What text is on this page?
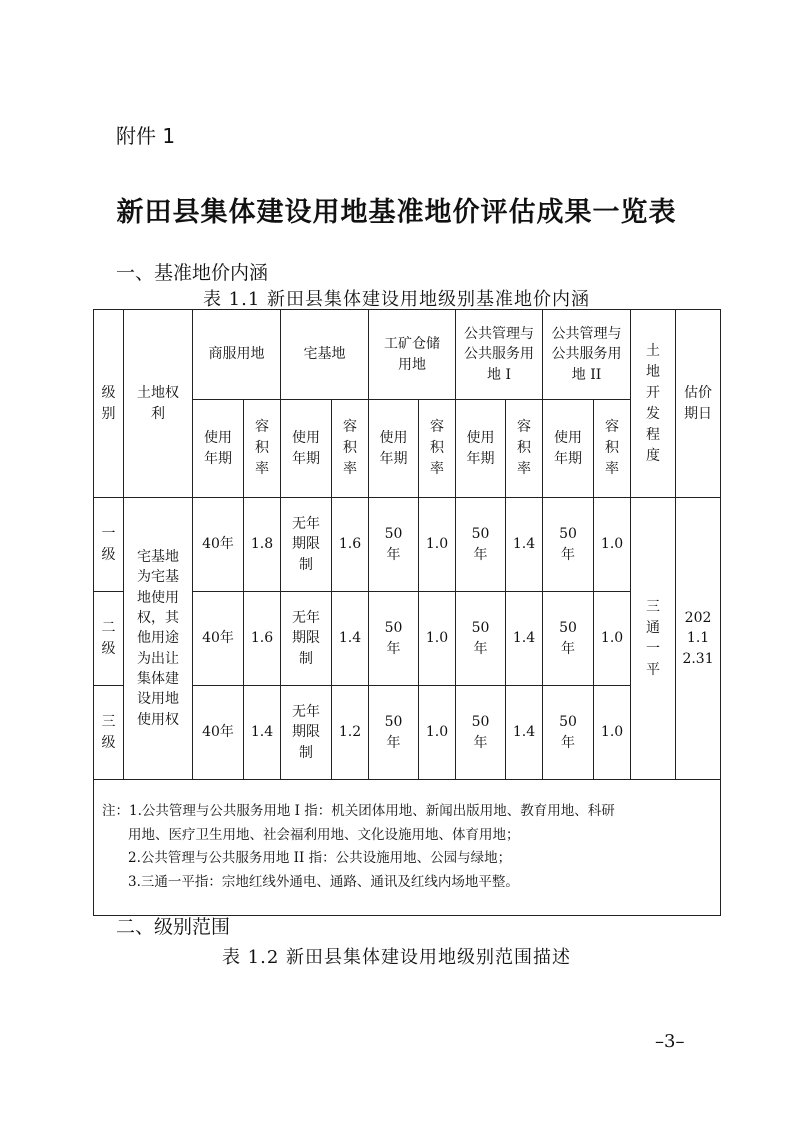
附件 1
新田县集体建设用地基准地价评估成果一览表
一、基准地价内涵
表 1.1 新田县集体建设用地级别基准地价内涵
级别	土地权利	商服用地		宅基地		工矿仓储用地		公共管理与公共服务用地 I		公共管理与公共服务用地 II		土地开发程度	估价期日

		使用年期	容积率	使用年期	容积率	使用年期	容积率	使用年期	容积率	使用年期	容积率		

一级	宅基地为宅基地使用权，其他用途为出让集体建设用地使用权	40年	1.8	无年期限制	1.6	50年	1.0	50年	1.4	50年	1.0	三通一平	2021.12.31

二级		40年	1.6	无年期限制	1.4	50年	1.0	50年	1.4	50年	1.0		

三级		40年	1.4	无年期限制	1.2	50年	1.0	50年	1.4	50年	1.0		

注：1.公共管理与公共服务用地 I 指：机关团体用地、新闻出版用地、教育用地、科研
用地、医疗卫生用地、社会福利用地、文化设施用地、体育用地；
2.公共管理与公共服务用地 II 指：公共设施用地、公园与绿地；
3.三通一平指：宗地红线外通电、通路、通讯及红线内场地平整。													
二、级别范围
表 1.2 新田县集体建设用地级别范围描述
–3–
